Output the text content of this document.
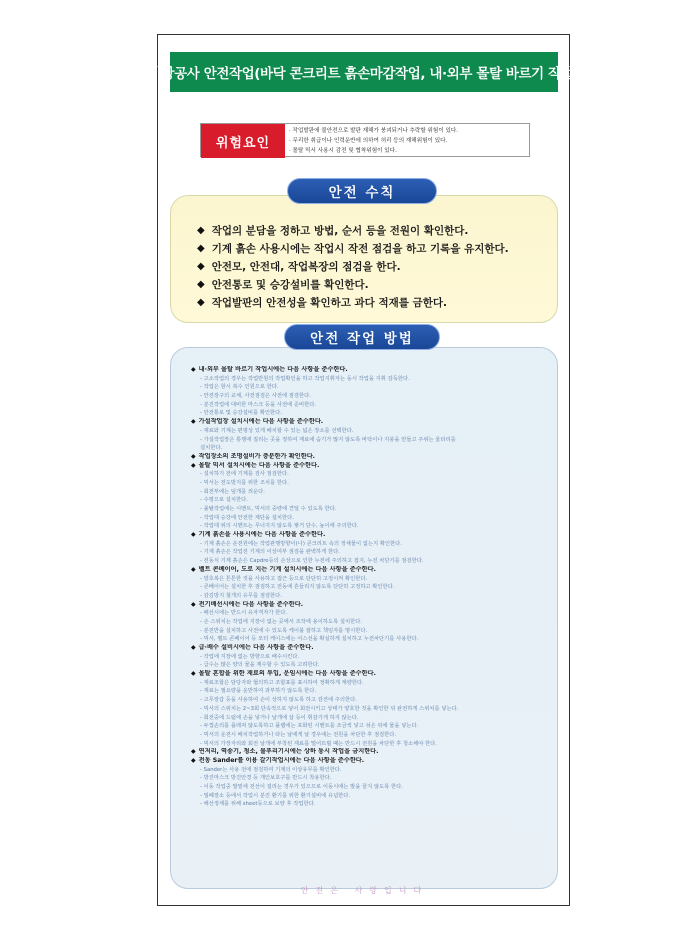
미장공사 안전작업(바닥 콘크리트 흙손마감작업, 내·외부 몰탈 바르기 작업)
위험요인
· 작업발판에 불안전으로 발판 재해가 붕괴되거나 추락할 위험이 있다.
· 무리한 취급이나 인력운반에 의하여 허리 등의 재해위험이 있다.
· 몰탈 믹서 사용시 감전 및 협착위험이 있다.
◆ 작업의 분담을 정하고 방법, 순서 등을 전원이 확인한다.
◆ 기계 흙손 사용시에는 작업시 작전 점검을 하고 기록을 유지한다.
◆ 안전모, 안전대, 작업복장의 점검을 한다.
◆ 안전통로 및 승강설비를 확인한다.
◆ 작업발판의 안전성을 확인하고 과다 적재를 금한다.
안전 수칙
◆ 내·외부 몰탈 바르기 작업시에는 다음 사항을 준수한다.
- 고소작업의 경우는 작업반원의 작업확인을 하고 작업지휘자는 동시 작업을 지휘 감독한다.
- 작업은 항시 복수 인원으로 한다.
- 안전장구의 교체, 사전점검은 사전에 점검한다.
- 분진작업에 대비한 마스크 등을 사전에 준비한다.
- 안전통로 및 승강설비를 확인한다.
◆ 가설작업장 설치시에는 다음 사항을 준수한다.
- 재료와 기계는 편평성 있게 배치할 수 있는 넓은 장소를 선택한다.
- 가설작업장은 통행에 질리는 곳을 정하여 재료에 습기가 많지 않도록 바닥이나 지붕을 만들고 주위는 울타리를
설치한다.
◆ 작업장소의 조명설비가 충분한가 확인한다.
◆ 몰탈 믹서 설치시에는 다음 사항을 준수한다.
- 설치하기 전에 기계를 검사 점검한다.
- 믹서는 전도방지를 위한 조치를 한다.
- 회전부에는 덮개를 씌운다.
- 수평으로 설치한다.
- 몰탈작업에는 시멘트, 믹서의 중량에 견딜 수 있도록 한다.
- 작업대 승강에 안전한 계단을 설치한다.
- 작업대 위의 시멘트는 무너지지 않도록 쌓거 단수, 높이에 주의한다.
◆ 기계 흙손을 사용시에는 다음 사항을 준수한다.
- 기계 흙손은 운전원에는 작업관행방향이(나) 콘크리트 속의 정체물이 없는지 확인한다.
- 기계 흙손은 작업전 기계의 이상여부 점검을 완벽하게 한다.
- 전동식 기계 흙손은 Capdre등의 손상으로 인한 누전에 주의하고 접지, 누전 차단기를 점검한다.
◆ 벨트 콘베이어, 도로 지는 기계 설치시에는 다음 사항을 준수한다.
- 방호복은 튼튼한 것을 사용하고 접근 등으로 단단히 고정시켜 확인한다.
- 콘베이어는 설치한 후 점검하고 전동에 흔들리지 않도록 단단히 고정하고 확인한다.
- 감김방지 철개의 유무를 점검한다.
◆ 전기배선시에는 다음 사항을 준수한다.
- 배선시에는 반드시 유자격자가 한다.
- 손 스위치는 작업에 지장이 없는 곳에서 조작에 용이하도록 설치한다.
- 분전반을 설치하고 사전에 수 있도록 케이블 잘하고 책임자를 명시한다.
- 믹서, 벨트 콘베이어 등 모터 케이스에는 어스선을 확실하게 설치하고 누전차단기를 사용한다.
◆ 급·배수 설비시에는 다음 사항을 준수한다.
- 작업에 지장에 없는 방향으로 배수시킨다.
- 급수는 많은 양의 물을 제수할 수 있도록 고려한다.
◆ 몰탈 혼합을 위한 재료의 투입, 운임시에는 다음 사항을 준수한다.
- 재료조합은 담당자와 협의하고 조합표를 표시하여 정확하게 계량한다.
- 재료는 필요량을 운반하여 과부하가 않도록 한다.
- 고무장갑 등을 사용하여 손이 상하지 않도록 하고 감전에 주의한다.
- 믹서의 스위치는 2~3회 단속적으로 넣어 회전시키고 상태가 양호한 것을 확인한 뒤 완전하게 스위치를 넣는다.
- 회전중에 드럼에 손을 넣거나 날개에 삽 등이 휘감기게 하지 않는다.
- 두껍손의를 플레져 않도록하고 플랩에는 포화된 시멘트를 조금씩 넣고 섞은 뒤에 물을 넣는다.
- 믹서의 운전시 배치작업하거나 타는 날에게 날 경우에는 전원을 차단한 후 점검한다.
- 믹서의 가장자리와 회전 날개에 부착된 재료를 떨어뜨릴 때는 반드시 전원을 차단한 후 청소해야 한다.
◆ 연저리, 역송기, 청소, 물푸리기시에는 상하 동시 작업을 금지한다.
◆ 전동 Sander를 이용 갈기작업시에는 다음 사항을 준수한다.
- Sander는 사용 전에 점검하여 기계의 이상유무를 확인한다.
- 방진마스크 방진안경 등 개인보호구를 반드시 착용한다.
- 이동 작업중 발밑에 전선이 걸리는 경우가 있으므로 이동시에는 발을 끌지 않도록 한다.
- 밀폐장소 등에서 작업시 분진 환기를 위한 환기설비에 유념한다.
- 해선정재를 위해 sheet등으로 보양 후 작업한다.
안전 작업 방법
안전은 사랑입니다
